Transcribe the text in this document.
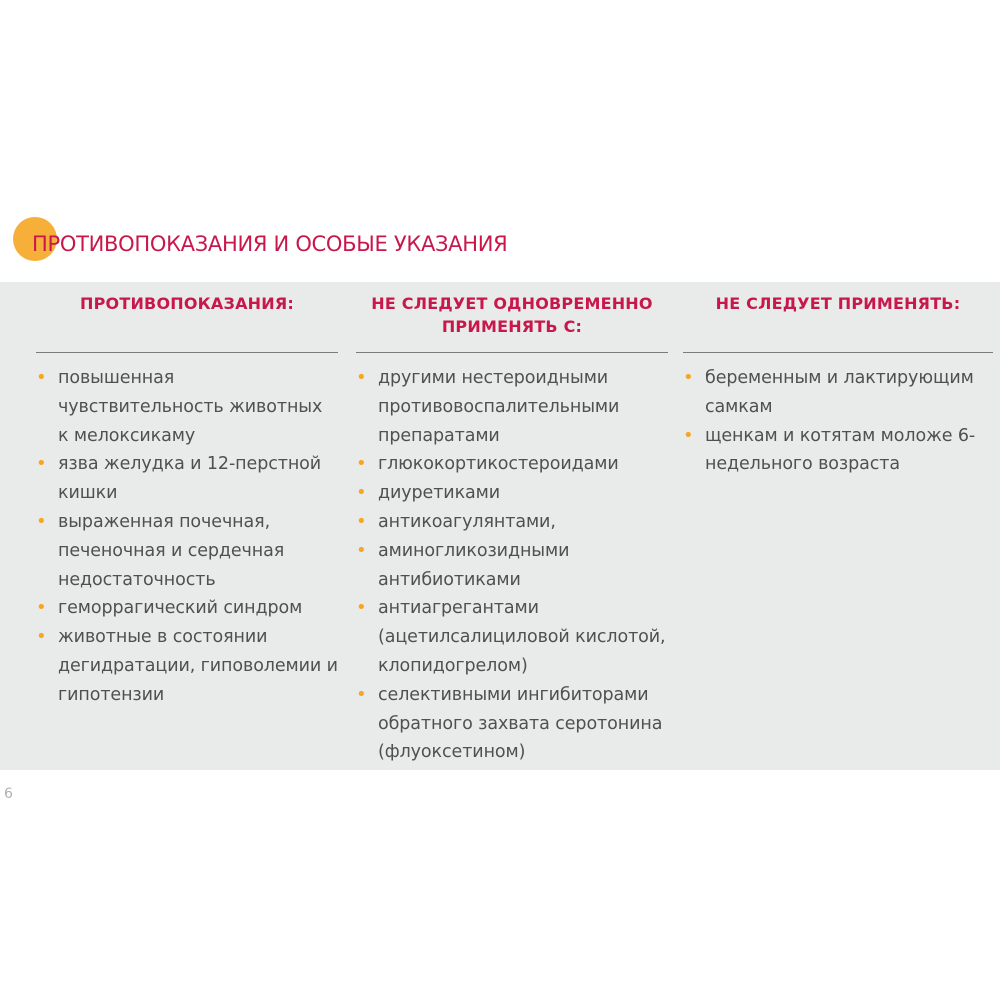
ПРОТИВОПОКАЗАНИЯ И ОСОБЫЕ УКАЗАНИЯ
ПРОТИВОПОКАЗАНИЯ:
• повышенная чувствительность животных к мелоксикаму
• язва желудка и 12-перстной кишки
• выраженная почечная, печеночная и сердечная недостаточность
• геморрагический синдром
• животные в состоянии дегидратации, гиповолемии и гипотензии
НЕ СЛЕДУЕТ ОДНОВРЕМЕННО ПРИМЕНЯТЬ С:
• другими нестероидными противовоспалительными препаратами
• глюкокортикостероидами
• диуретиками
• антикоагулянтами,
• аминогликозидными антибиотиками
• антиагрегантами (ацетилсалициловой кислотой, клопидогрелом)
• селективными ингибиторами обратного захвата серотонина (флуоксетином)
НЕ СЛЕДУЕТ ПРИМЕНЯТЬ:
• беременным и лактирующим самкам
• щенкам и котятам моложе 6-недельного возраста
6
